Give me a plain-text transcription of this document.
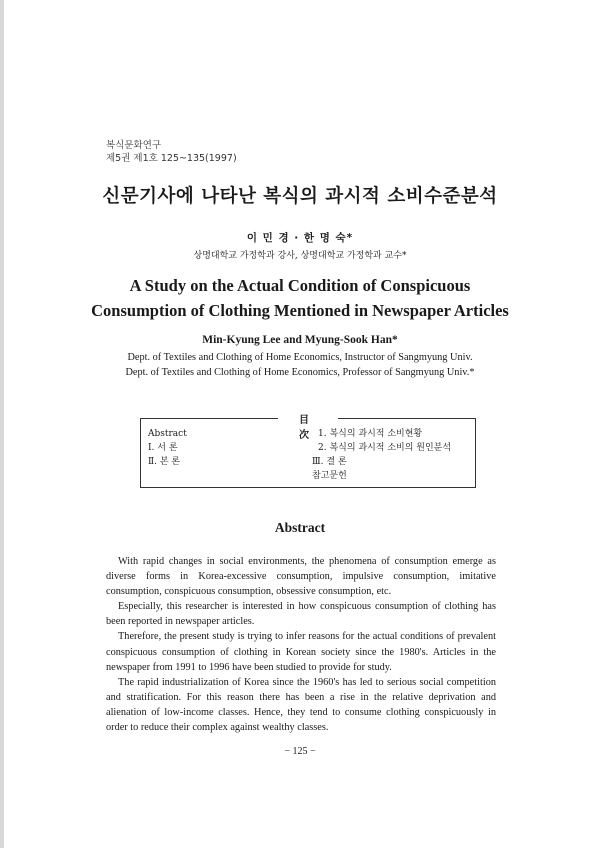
복식문화연구
제5권 제1호 125~135(1997)
신문기사에 나타난 복식의 과시적 소비수준분석
이 민 경 · 한 명 숙*
상명대학교 가정학과 강사, 상명대학교 가정학과 교수*
A Study on the Actual Condition of Conspicuous
Consumption of Clothing Mentioned in Newspaper Articles
Min-Kyung Lee and Myung-Sook Han*
Dept. of Textiles and Clothing of Home Economics, Instructor of Sangmyung Univ.
Dept. of Textiles and Clothing of Home Economics, Professor of Sangmyung Univ.*
目 次
Abstract
Ⅰ. 서 론
Ⅱ. 본 론
1. 복식의 과시적 소비현황
2. 복식의 과시적 소비의 원인분석
Ⅲ. 결 론
참고문헌
Abstract

With rapid changes in social environments, the phenomena of consumption emerge as diverse forms in Korea-excessive consumption, impulsive consumption, imitative consumption, conspicuous consumption, obsessive consumption, etc.

Especially, this researcher is interested in how conspicuous consumption of clothing has been reported in newspaper articles.

Therefore, the present study is trying to infer reasons for the actual conditions of prevalent conspicuous consumption of clothing in Korean society since the 1980's. Articles in the newspaper from 1991 to 1996 have been studied to provide for study.

The rapid industrialization of Korea since the 1960's has led to serious social competition and stratification. For this reason there has been a rise in the relative deprivation and alienation of low-income classes. Hence, they tend to consume clothing conspicuously in order to reduce their complex against wealthy classes.

− 125 −
